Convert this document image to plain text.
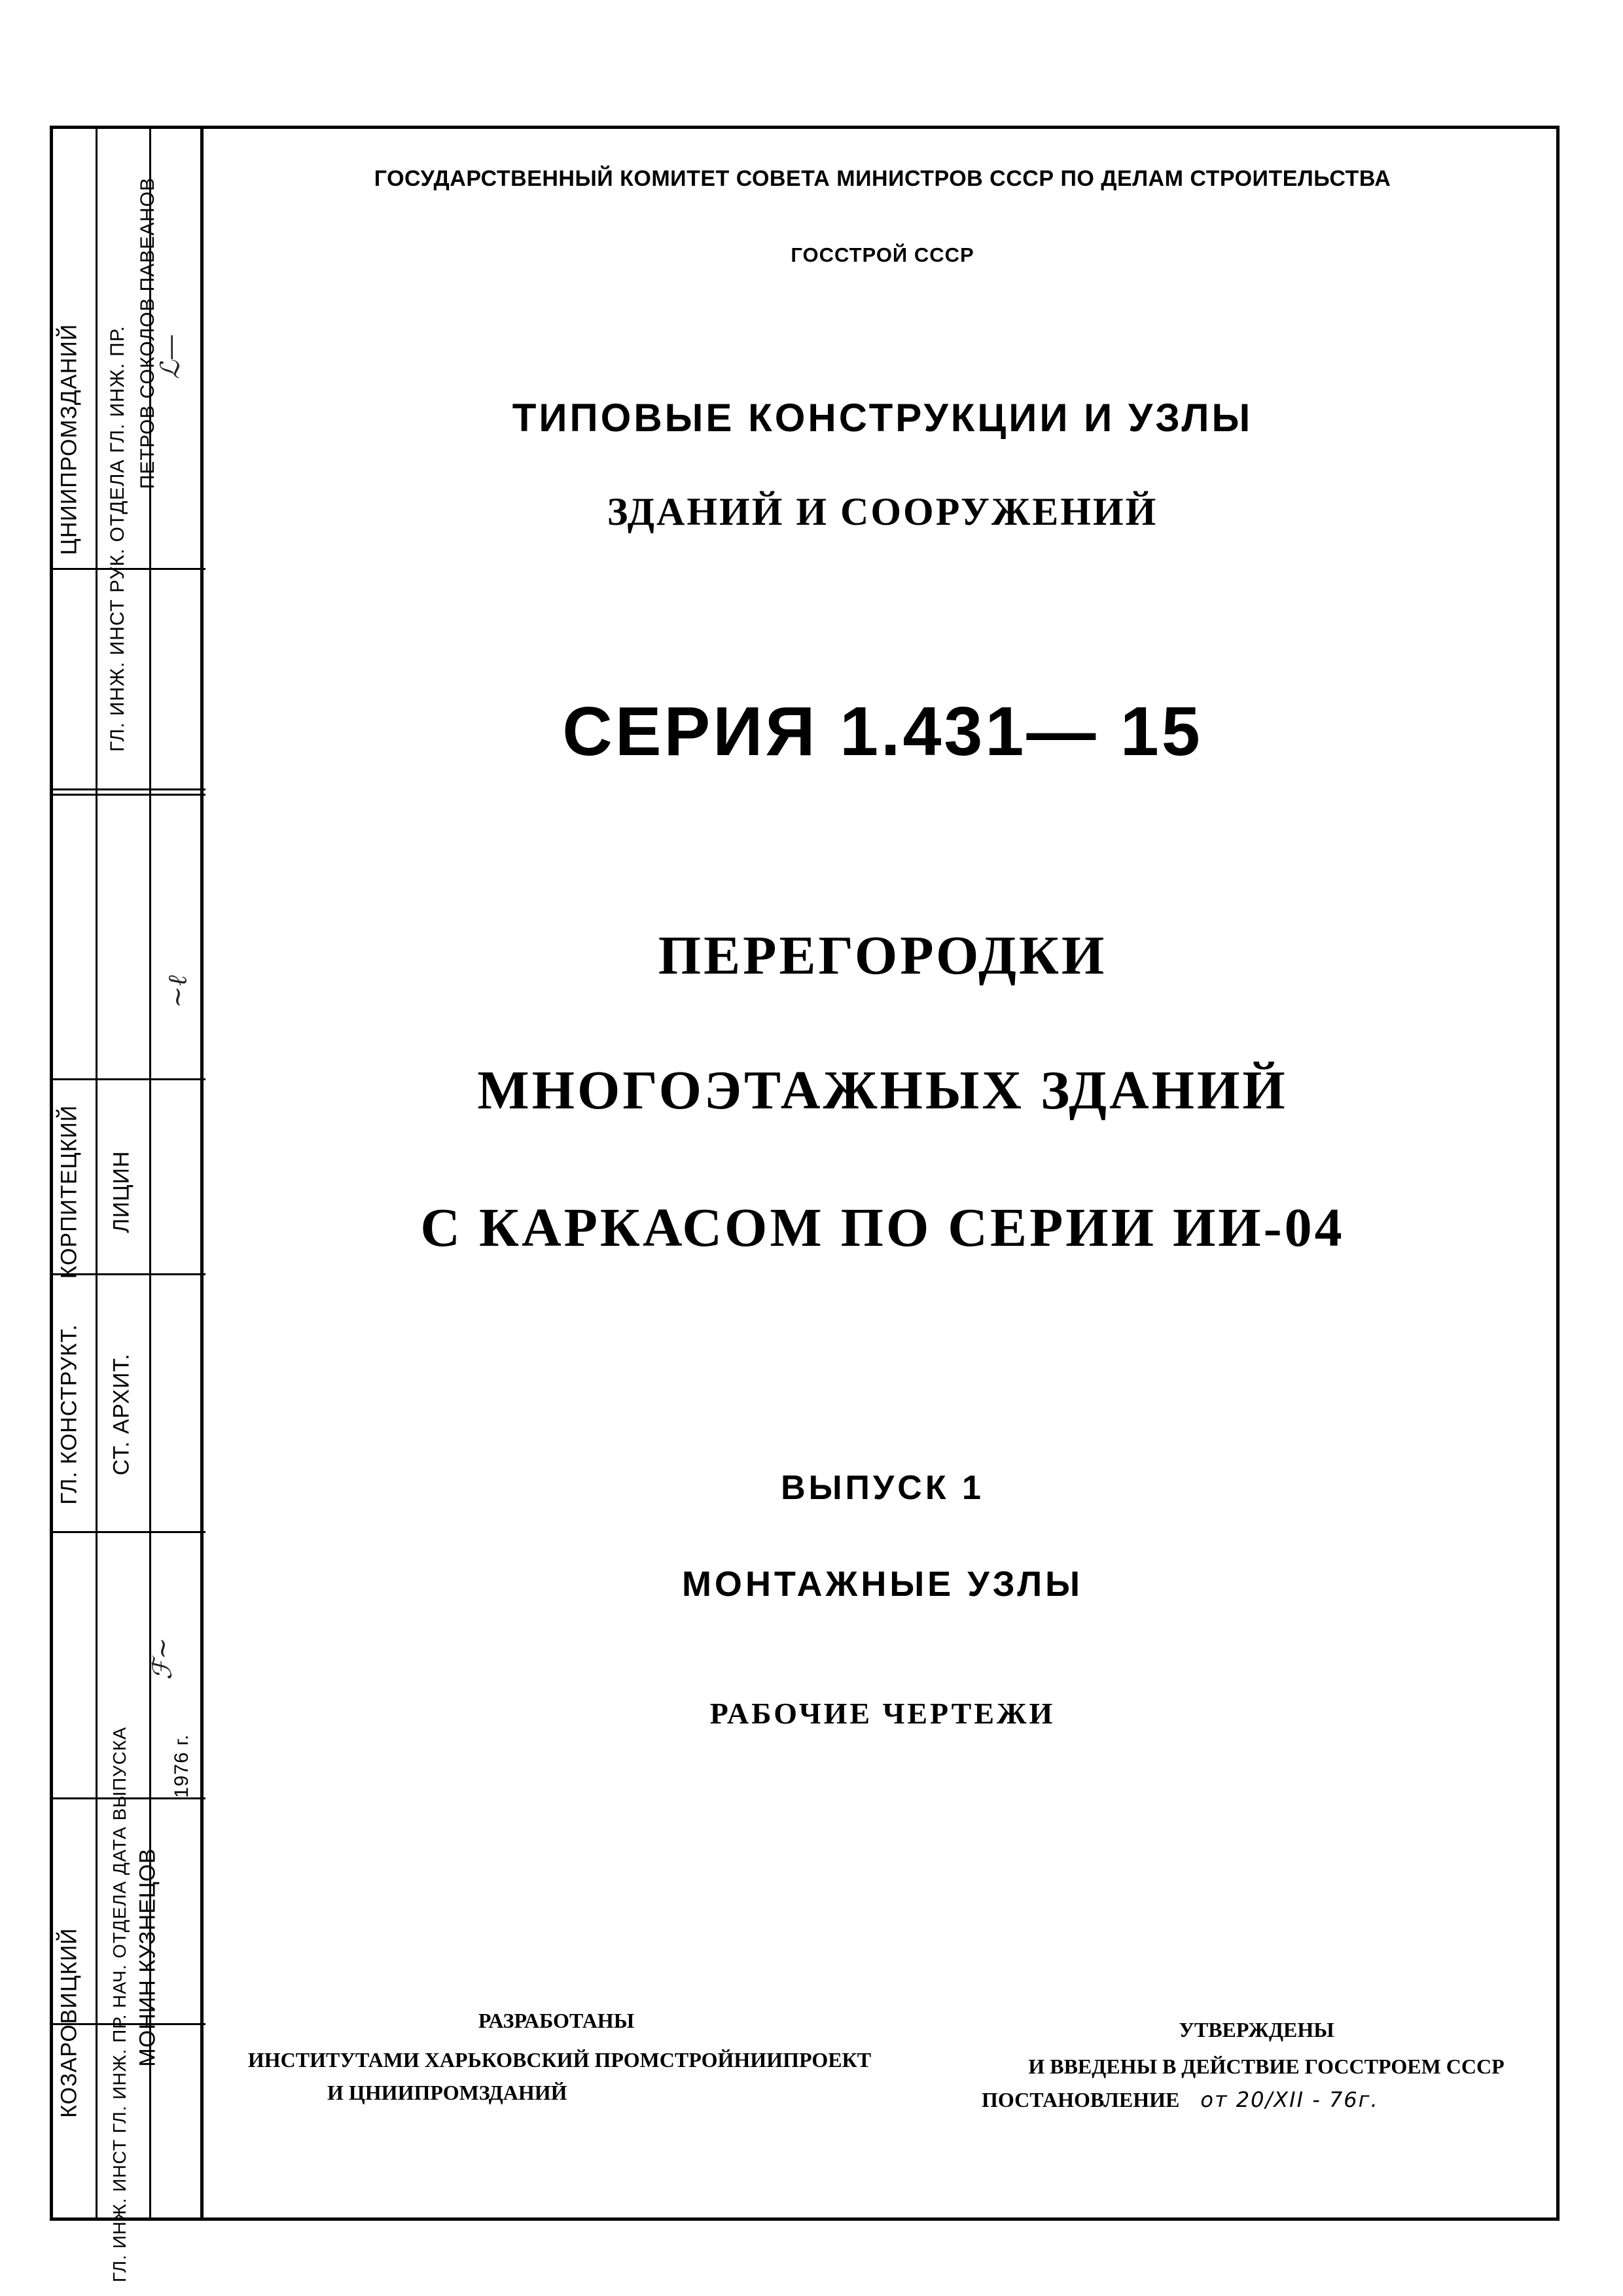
ЦНИИПРОМЗДАНИЙ ГЛ. ИНЖ. ИНСТ РУК. ОТДЕЛА ГЛ. ИНЖ. ПР. ПЕТРОВ СОКОЛОВ ПАВЕАНОВ
ℒ—
КОРПИТЕЦКИЙ ЛИЦИН
~ℓ
ГЛ. КОНСТРУКТ. СТ. АРХИТ.
КОЗАРОВИЦКИЙ ГЛ. ИНЖ. ИНСТ ГЛ. ИНЖ. ПР. НАЧ. ОТДЕЛА ДАТА ВЫПУСКА МОНИН КУЗНЕЦОВ
1976 г.
ℱ~
ГОСУДАРСТВЕННЫЙ КОМИТЕТ СОВЕТА МИНИСТРОВ СССР ПО ДЕЛАМ СТРОИТЕЛЬСТВА
ГОССТРОЙ СССР
ТИПОВЫЕ КОНСТРУКЦИИ И УЗЛЫ
ЗДАНИЙ И СООРУЖЕНИЙ
СЕРИЯ 1.431— 15
ПЕРЕГОРОДКИ
МНОГОЭТАЖНЫХ ЗДАНИЙ
С КАРКАСОМ ПО СЕРИИ ИИ-04
ВЫПУСК 1
МОНТАЖНЫЕ УЗЛЫ
РАБОЧИЕ ЧЕРТЕЖИ
РАЗРАБОТАНЫ
ИНСТИТУТАМИ ХАРЬКОВСКИЙ ПРОМСТРОЙНИИПРОЕКТ
И ЦНИИПРОМЗДАНИЙ
УТВЕРЖДЕНЫ
И ВВЕДЕНЫ В ДЕЙСТВИЕ ГОССТРОЕМ СССР
ПОСТАНОВЛЕНИЕ от 20/XII - 76г.
